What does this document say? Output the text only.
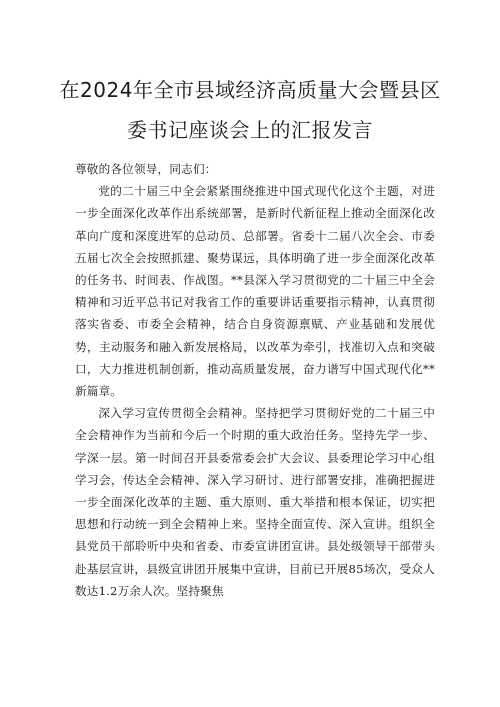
在2024年全市县域经济高质量大会暨县区
委书记座谈会上的汇报发言

尊敬的各位领导，同志们：

党的二十届三中全会紧紧围绕推进中国式现代化这个主题，对进一步全面深化改革作出系统部署，是新时代新征程上推动全面深化改革向广度和深度进军的总动员、总部署。省委十二届八次全会、市委五届七次全会按照抓建、聚势谋远，具体明确了进一步全面深化改革的任务书、时间表、作战图。**县深入学习贯彻党的二十届三中全会精神和习近平总书记对我省工作的重要讲话重要指示精神，认真贯彻落实省委、市委全会精神，结合自身资源禀赋、产业基础和发展优势，主动服务和融入新发展格局，以改革为牵引，找准切入点和突破口，大力推进机制创新，推动高质量发展，奋力谱写中国式现代化**新篇章。

深入学习宣传贯彻全会精神。坚持把学习贯彻好党的二十届三中全会精神作为当前和今后一个时期的重大政治任务。坚持先学一步、学深一层。第一时间召开县委常委会扩大会议、县委理论学习中心组学习会，传达全会精神、深入学习研讨、进行部署安排，准确把握进一步全面深化改革的主题、重大原则、重大举措和根本保证，切实把思想和行动统一到全会精神上来。坚持全面宣传、深入宣讲。组织全县党员干部聆听中央和省委、市委宣讲团宣讲。县处级领导干部带头赴基层宣讲，县级宣讲团开展集中宣讲，目前已开展85场次，受众人数达1.2万余人次。坚持聚焦
